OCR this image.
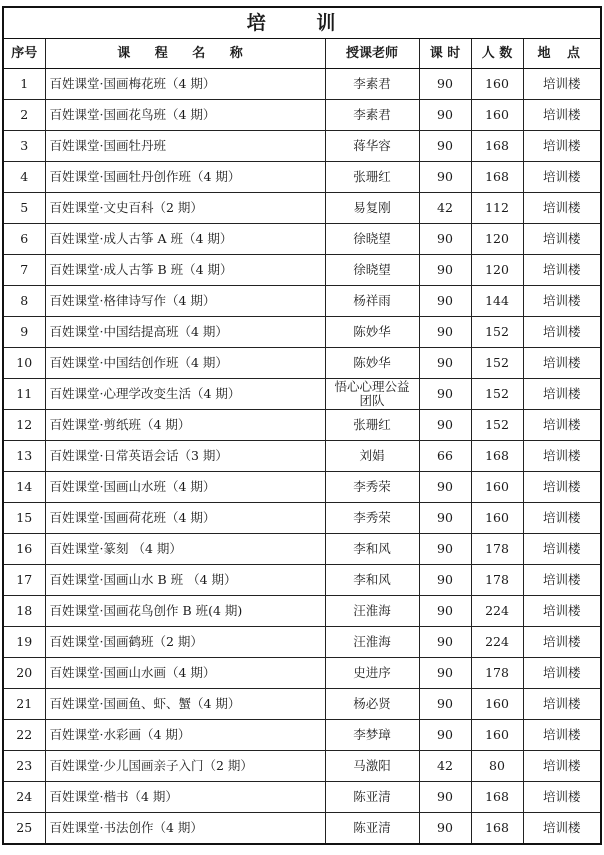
培 训					
序号	课 程 名 称	授课老师	课 时	人 数	地 点
1	百姓课堂·国画梅花班（4 期）	李素君	90	160	培训楼
2	百姓课堂·国画花鸟班（4 期）	李素君	90	160	培训楼
3	百姓课堂·国画牡丹班	蒋华容	90	168	培训楼
4	百姓课堂·国画牡丹创作班（4 期）	张珊红	90	168	培训楼
5	百姓课堂·文史百科（2 期）	易复刚	42	112	培训楼
6	百姓课堂·成人古筝 A 班（4 期）	徐晓望	90	120	培训楼
7	百姓课堂·成人古筝 B 班（4 期）	徐晓望	90	120	培训楼
8	百姓课堂·格律诗写作（4 期）	杨祥雨	90	144	培训楼
9	百姓课堂·中国结提高班（4 期）	陈妙华	90	152	培训楼
10	百姓课堂·中国结创作班（4 期）	陈妙华	90	152	培训楼
11	百姓课堂·心理学改变生活（4 期）	悟心心理公益团队	90	152	培训楼
12	百姓课堂·剪纸班（4 期）	张珊红	90	152	培训楼
13	百姓课堂·日常英语会话（3 期）	刘娟	66	168	培训楼
14	百姓课堂·国画山水班（4 期）	李秀荣	90	160	培训楼
15	百姓课堂·国画荷花班（4 期）	李秀荣	90	160	培训楼
16	百姓课堂·篆刻 （4 期）	李和风	90	178	培训楼
17	百姓课堂·国画山水 B 班 （4 期）	李和风	90	178	培训楼
18	百姓课堂·国画花鸟创作 B 班(4 期)	汪淮海	90	224	培训楼
19	百姓课堂·国画鹤班（2 期）	汪淮海	90	224	培训楼
20	百姓课堂·国画山水画（4 期）	史进序	90	178	培训楼
21	百姓课堂·国画鱼、虾、蟹（4 期）	杨必贤	90	160	培训楼
22	百姓课堂·水彩画（4 期）	李梦璋	90	160	培训楼
23	百姓课堂·少儿国画亲子入门（2 期）	马激阳	42	80	培训楼
24	百姓课堂·楷书（4 期）	陈亚清	90	168	培训楼
25	百姓课堂·书法创作（4 期）	陈亚清	90	168	培训楼
